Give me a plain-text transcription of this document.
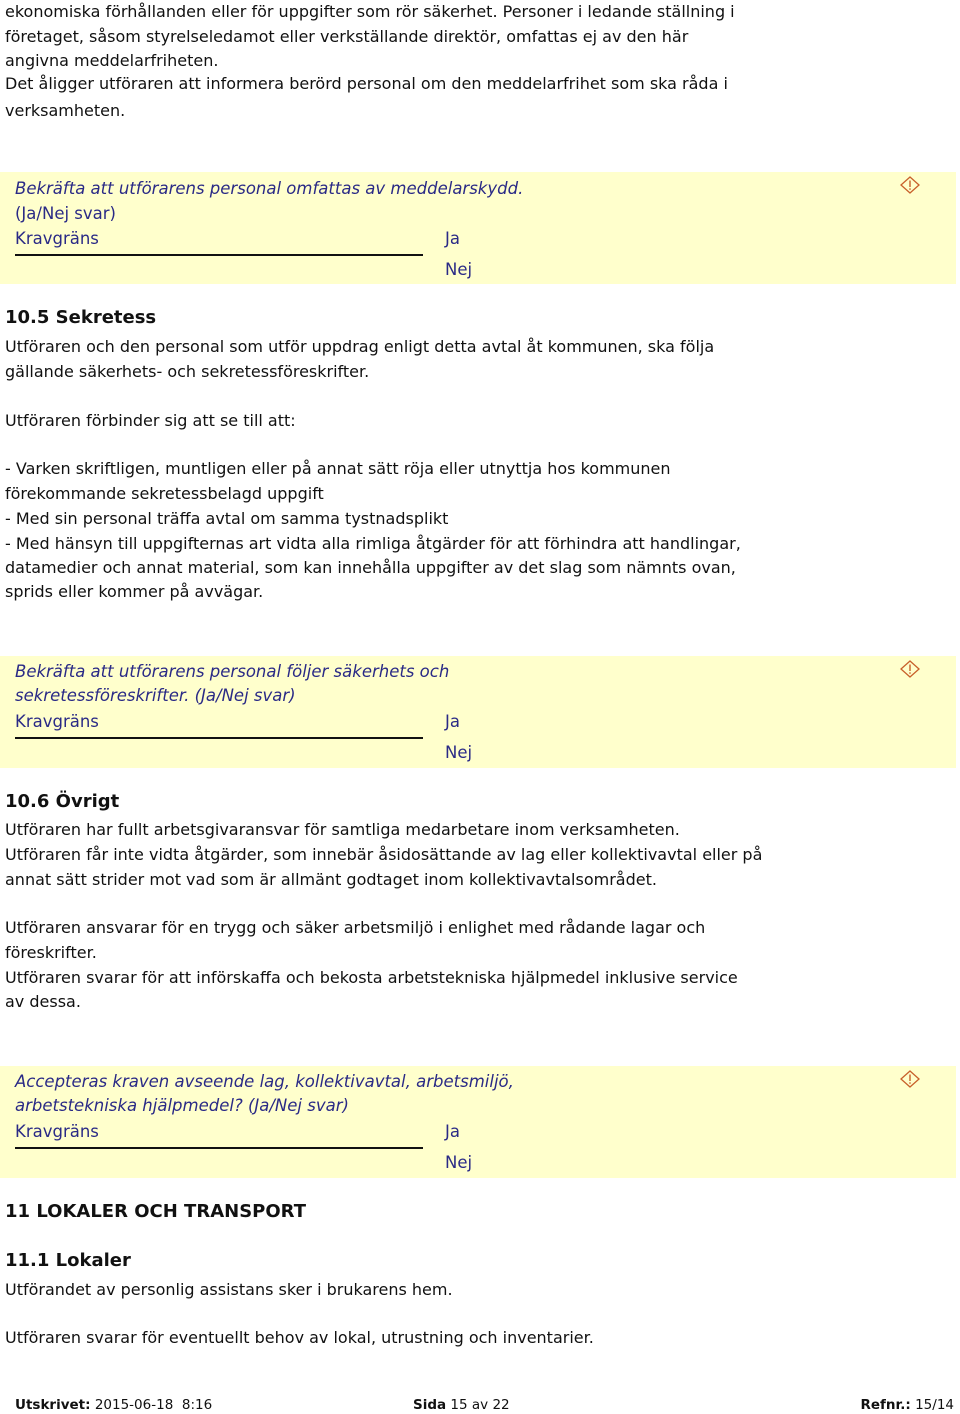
ekonomiska förhållanden eller för uppgifter som rör säkerhet. Personer i ledande ställning i
företaget, såsom styrelseledamot eller verkställande direktör, omfattas ej av den här
angivna meddelarfriheten.
Det åligger utföraren att informera berörd personal om den meddelarfrihet som ska råda i
verksamheten.
Bekräfta att utförarens personal omfattas av meddelarskydd.
(Ja/Nej svar)
Kravgräns	Ja
Nej
10.5 Sekretess
Utföraren och den personal som utför uppdrag enligt detta avtal åt kommunen, ska följa
gällande säkerhets- och sekretessföreskrifter.
Utföraren förbinder sig att se till att:
- Varken skriftligen, muntligen eller på annat sätt röja eller utnyttja hos kommunen
förekommande sekretessbelagd uppgift
- Med sin personal träffa avtal om samma tystnadsplikt
- Med hänsyn till uppgifternas art vidta alla rimliga åtgärder för att förhindra att handlingar,
datamedier och annat material, som kan innehålla uppgifter av det slag som nämnts ovan,
sprids eller kommer på avvägar.
Bekräfta att utförarens personal följer säkerhets och
sekretessföreskrifter. (Ja/Nej svar)
Kravgräns	Ja
Nej
10.6 Övrigt
Utföraren har fullt arbetsgivaransvar för samtliga medarbetare inom verksamheten.
Utföraren får inte vidta åtgärder, som innebär åsidosättande av lag eller kollektivavtal eller på
annat sätt strider mot vad som är allmänt godtaget inom kollektivavtalsområdet.
Utföraren ansvarar för en trygg och säker arbetsmiljö i enlighet med rådande lagar och
föreskrifter.
Utföraren svarar för att införskaffa och bekosta arbetstekniska hjälpmedel inklusive service
av dessa.
Accepteras kraven avseende lag, kollektivavtal, arbetsmiljö,
arbetstekniska hjälpmedel? (Ja/Nej svar)
Kravgräns	Ja
Nej
11 LOKALER OCH TRANSPORT
11.1 Lokaler
Utförandet av personlig assistans sker i brukarens hem.
Utföraren svarar för eventuellt behov av lokal, utrustning och inventarier.
Utskrivet: 2015-06-18  8:16	Sida 15 av 22	Refnr.: 15/14
